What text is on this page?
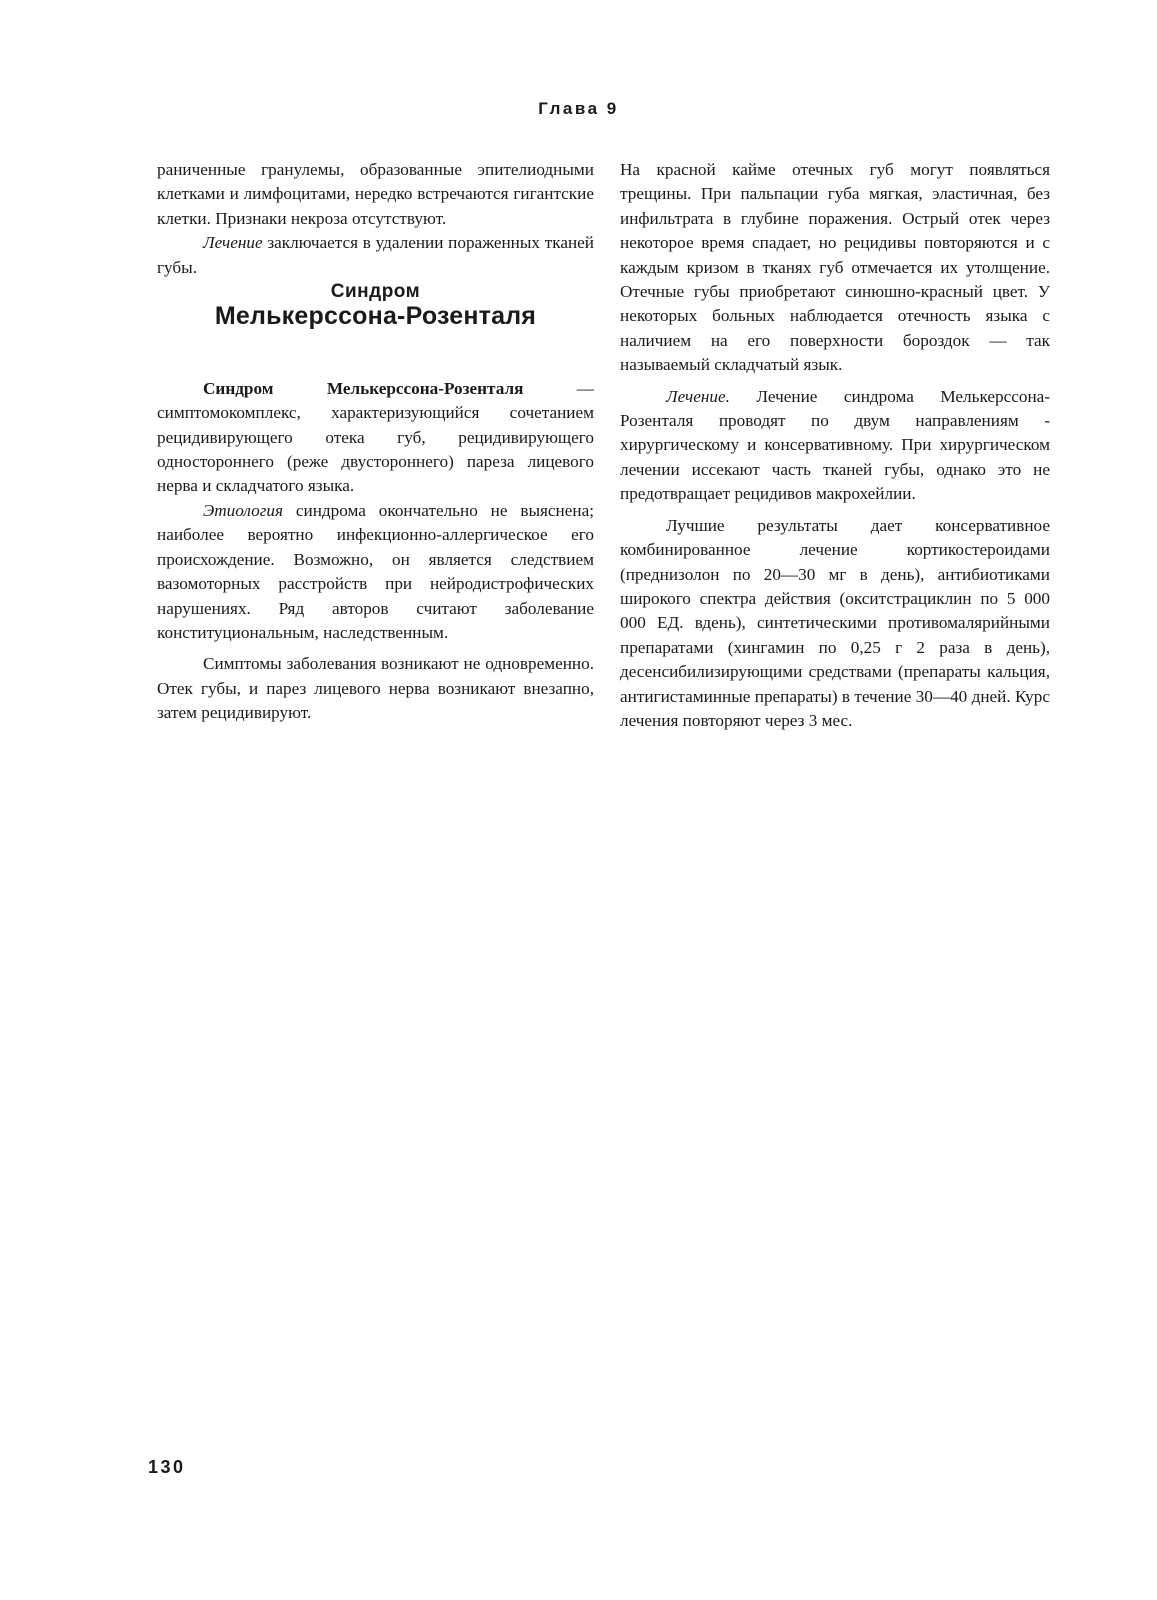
Глава 9

раниченные гранулемы, образованные эпителиодными клетками и лимфоцитами, нередко встречаются гигантские клетки. Признаки некроза отсутствуют.

Лечение заключается в удалении пораженных тканей губы.

Синдром

Мелькерссона-Розенталя

Синдром Мелькерссона-Розенталя — симптомокомплекс, характеризующийся сочетанием рецидивирующего отека губ, рецидивирующего одностороннего (реже двустороннего) пареза лицевого нерва и складчатого языка.

Этиология синдрома окончательно не выяснена; наиболее вероятно инфекционно-аллергическое его происхождение. Возможно, он является следствием вазомоторных расстройств при нейродистрофических нарушениях. Ряд авторов считают заболевание конституциональным, наследственным.

Симптомы заболевания возникают не одновременно. Отек губы, и парез лицевого нерва возникают внезапно, затем рецидивируют.

На красной кайме отечных губ могут появляться трещины. При пальпации губа мягкая, эластичная, без инфильтрата в глубине поражения. Острый отек через некоторое время спадает, но рецидивы повторяются и с каждым кризом в тканях губ отмечается их утолщение. Отечные губы приобретают синюшно-красный цвет. У некоторых больных наблюдается отечность языка с наличием на его поверхности бороздок — так называемый складчатый язык.

Лечение. Лечение синдрома Мелькерссона-Розенталя проводят по двум направлениям - хирургическому и консервативному. При хирургическом лечении иссекают часть тканей губы, однако это не предотвращает рецидивов макрохейлии.

Лучшие результаты дает консервативное комбинированное лечение кортикостероидами (преднизолон по 20—30 мг в день), антибиотиками широкого спектра действия (окситстрациклин по 5 000 000 ЕД. вдень), синтетическими противомалярийными препаратами (хингамин по 0,25 г 2 раза в день), десенсибилизирующими средствами (препараты кальция, антигистаминные препараты) в течение 30—40 дней. Курс лечения повторяют через 3 мес.

130
